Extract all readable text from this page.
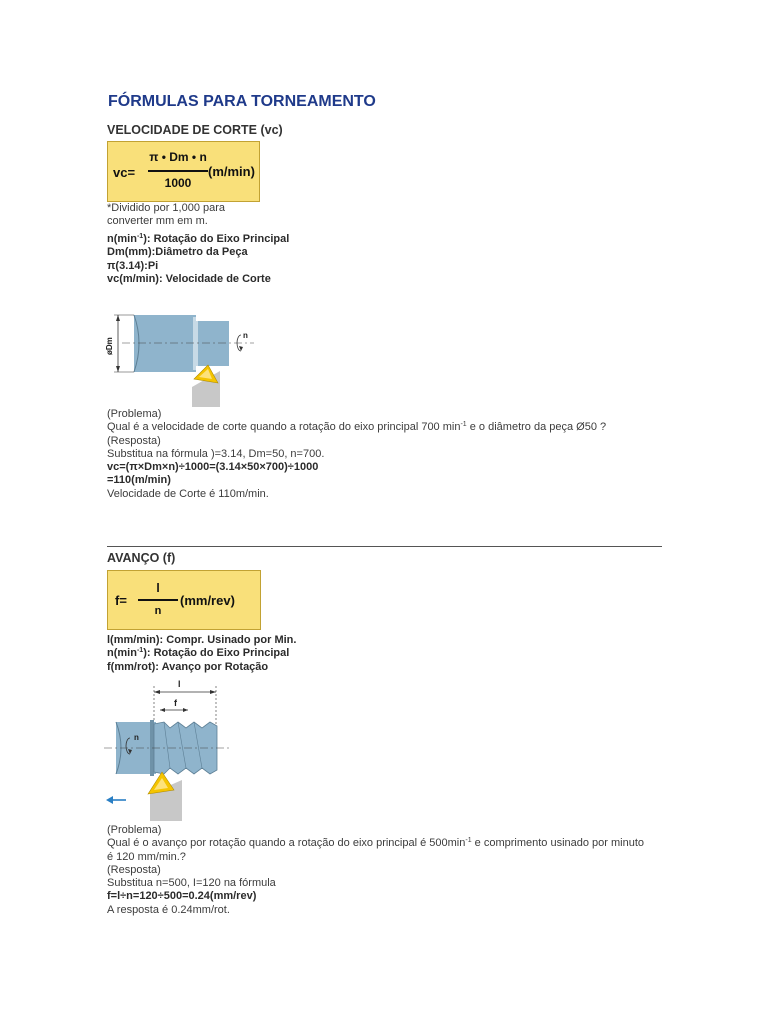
FÓRMULAS PARA TORNEAMENTO
VELOCIDADE DE CORTE (vc)
vc=
π • Dm • n
1000
(m/min)
*Dividido por 1,000 para
converter mm em m.
$n(\min^{-1})$: Rotação do Eixo Principal
Dm(mm):Diâmetro da Peça
π(3.14):Pi
vc(m/min): Velocidade de Corte
øDm
n
(Problema)
Qual é a velocidade de corte quando a rotação do eixo principal 700 $\min^{-1} e$ o diâmetro da peça Ø50 ?
(Resposta)
Substitua na fórmula )=3.14, Dm=50, n=700.
vc=(π×Dm×n)÷1000=(3.14×50×700)÷1000
=110(m/min)
Velocidade de Corte é 110m/min.
AVANÇO (f)
f=
l
n
(mm/rev)
l(mm/min): Compr. Usinado por Min.
$n(\min^{-1})$: Rotação do Eixo Principal
f(mm/rot): Avanço por Rotação
l
f
n
(Problema)
Qual é o avanço por rotação quando a rotação do eixo principal é $500\min^{-1}$ e comprimento usinado por minuto
é 120 mm/min.?
(Resposta)
Substitua n=500, I=120 na fórmula
f=l÷n=120÷500=0.24(mm/rev)
A resposta é 0.24mm/rot.
